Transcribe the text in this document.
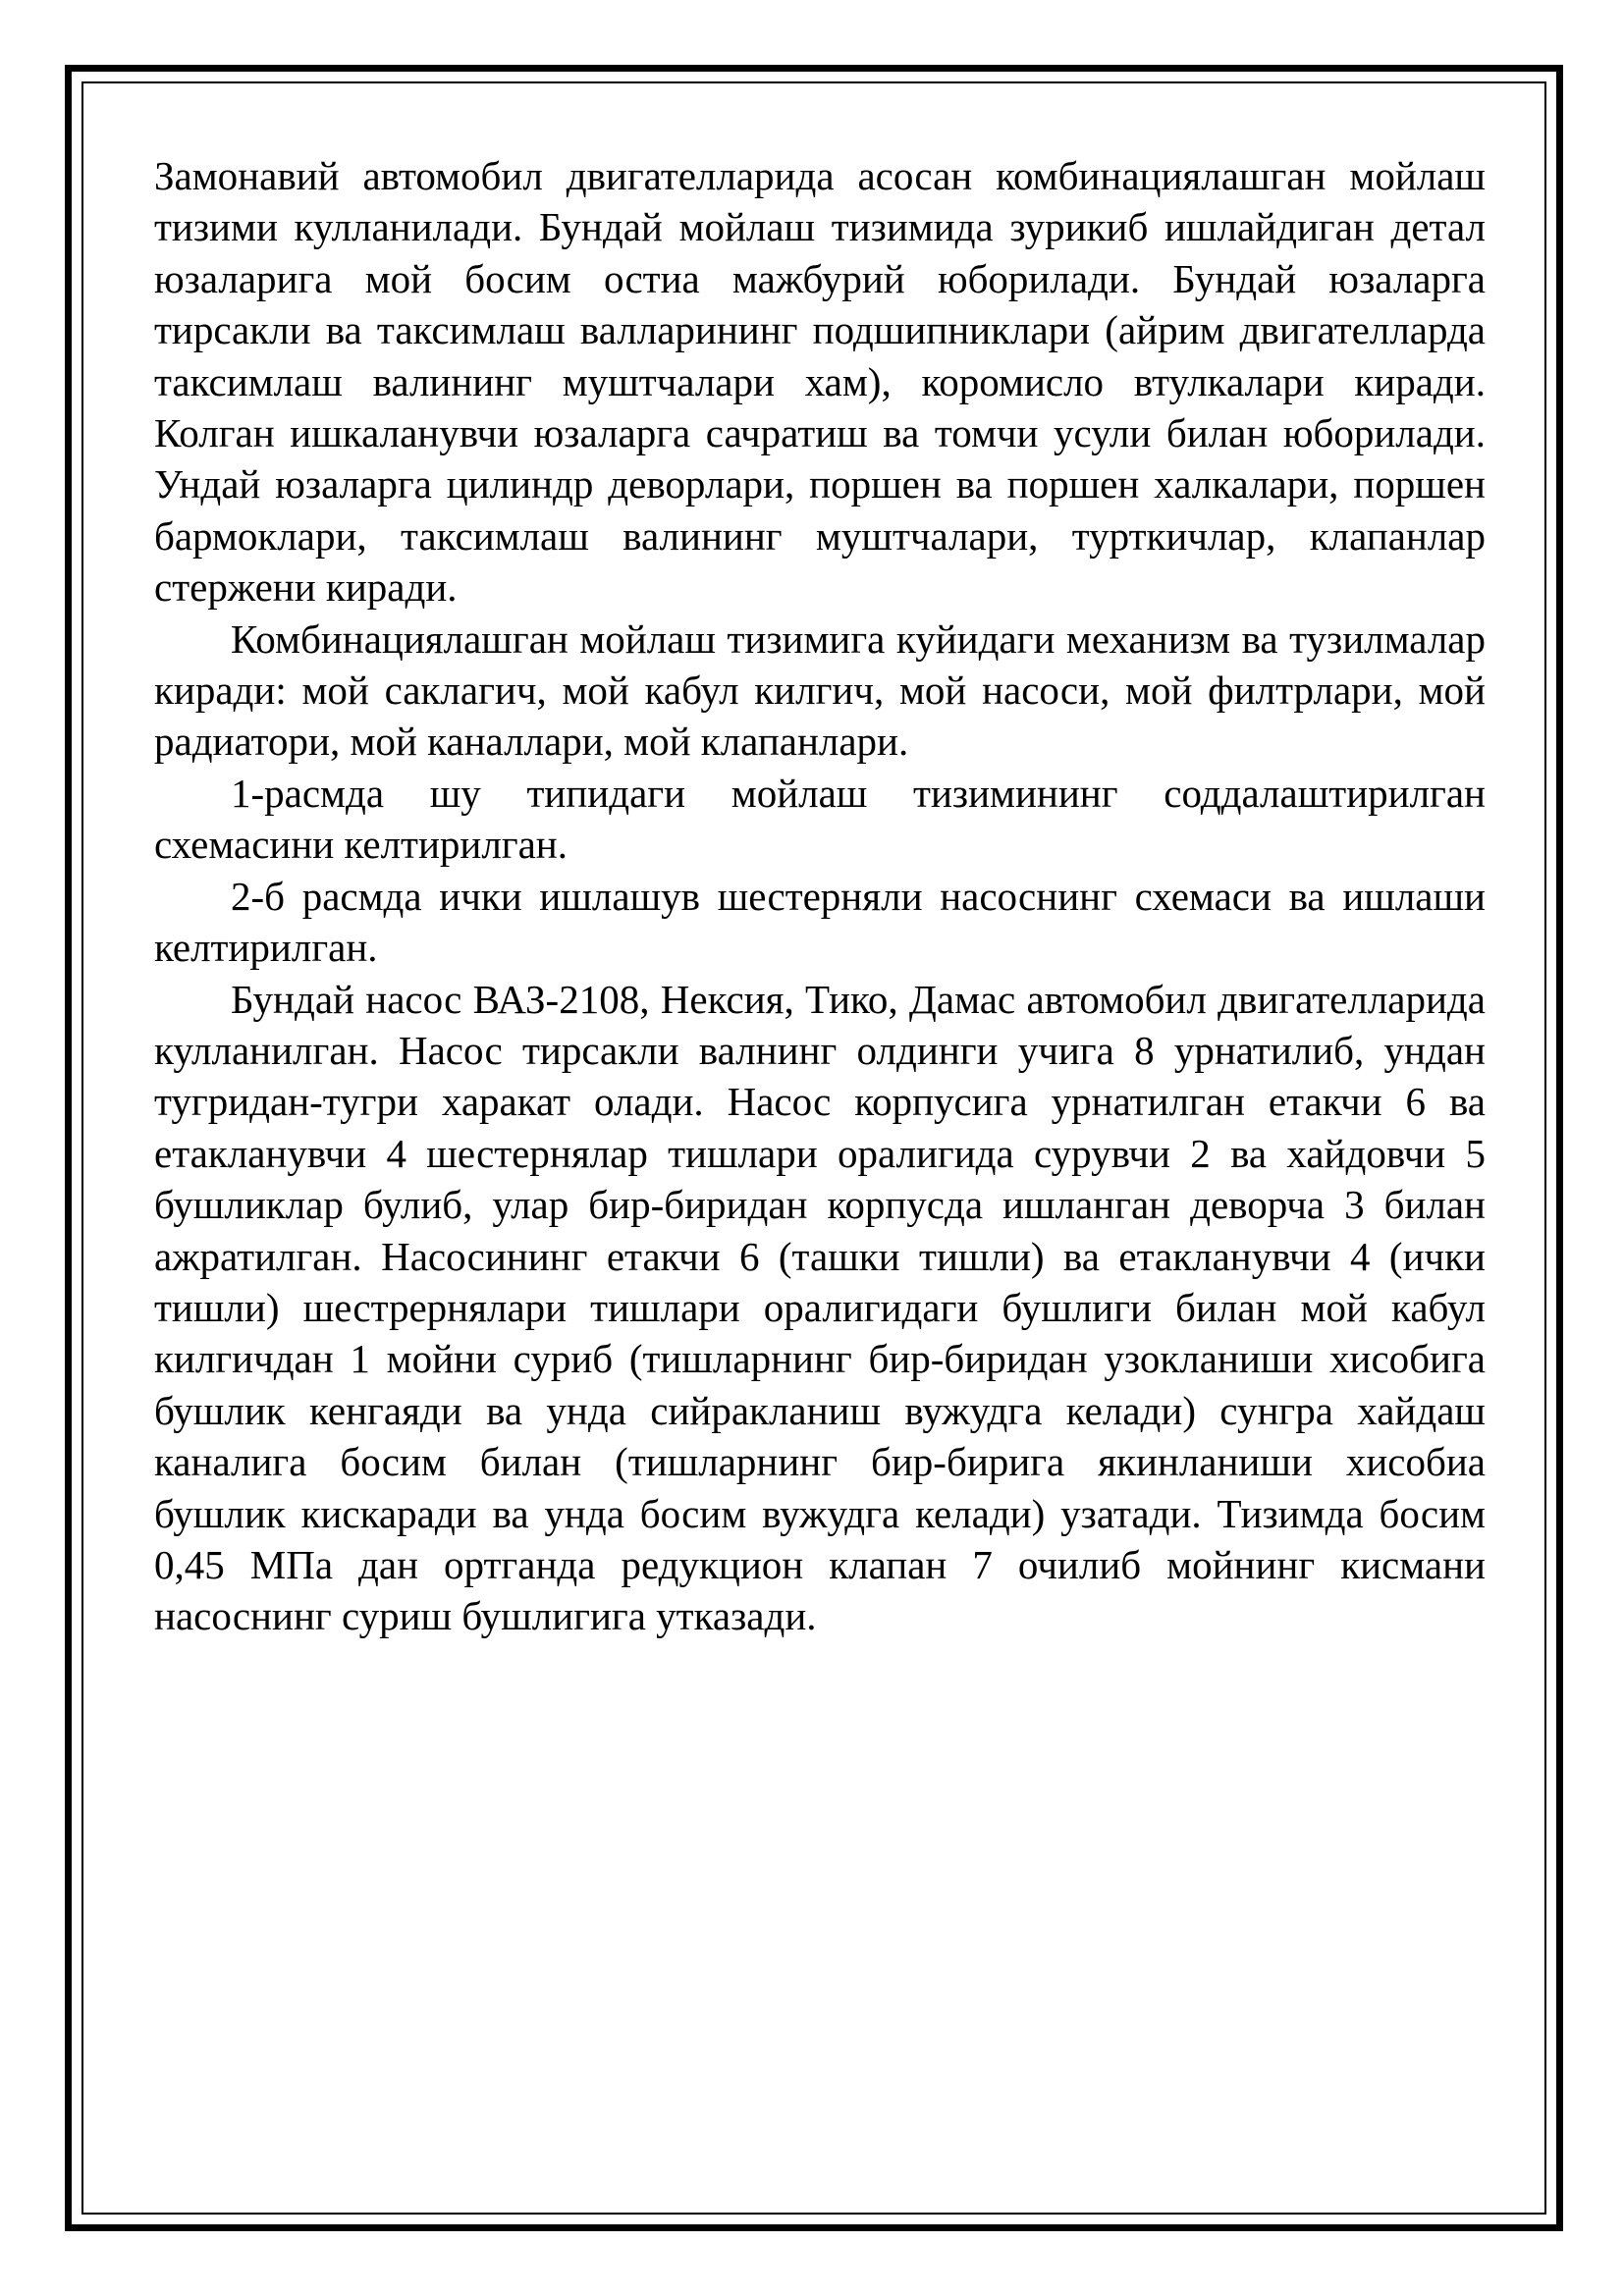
Замонавий автомобил двигателларида асосан комбинациялашган мойлаш тизими кулланилади. Бундай мойлаш тизимида зурикиб ишлайдиган детал юзаларига мой босим остиа мажбурий юборилади. Бундай юзаларга тирсакли ва таксимлаш валларининг подшипниклари (айрим двигателларда таксимлаш валининг муштчалари хам), коромисло втулкалари киради. Колган ишкаланувчи юзаларга сачратиш ва томчи усули билан юборилади. Ундай юзаларга цилиндр деворлари, поршен ва поршен халкалари, поршен бармоклари, таксимлаш валининг муштчалари, турткичлар, клапанлар стержени киради.

Комбинациялашган мойлаш тизимига куйидаги механизм ва тузилмалар киради: мой саклагич, мой кабул килгич, мой насоси, мой филтрлари, мой радиатори, мой каналлари, мой клапанлари.

1-расмда шу типидаги мойлаш тизимининг соддалаштирилган схемасини келтирилган.

2-б расмда ички ишлашув шестерняли насоснинг схемаси ва ишлаши келтирилган.

Бундай насос ВАЗ-2108, Нексия, Тико, Дамас автомобил двигателларида кулланилган. Насос тирсакли валнинг олдинги учига 8 урнатилиб, ундан тугридан-тугри харакат олади. Насос корпусига урнатилган етакчи 6 ва етакланувчи 4 шестернялар тишлари оралигида сурувчи 2 ва хайдовчи 5 бушликлар булиб, улар бир-биридан корпусда ишланган деворча 3 билан ажратилган. Насосининг етакчи 6 (ташки тишли) ва етакланувчи 4 (ички тишли) шестрернялари тишлари оралигидаги бушлиги билан мой кабул килгичдан 1 мойни суриб (тишларнинг бир-биридан узокланиши хисобига бушлик кенгаяди ва унда сийракланиш вужудга келади) сунгра хайдаш каналига босим билан (тишларнинг бир-бирига якинланиши хисобиа бушлик кискаради ва унда босим вужудга келади) узатади. Тизимда босим 0,45 МПа дан ортганда редукцион клапан 7 очилиб мойнинг кисмани насоснинг суриш бушлигига утказади.
